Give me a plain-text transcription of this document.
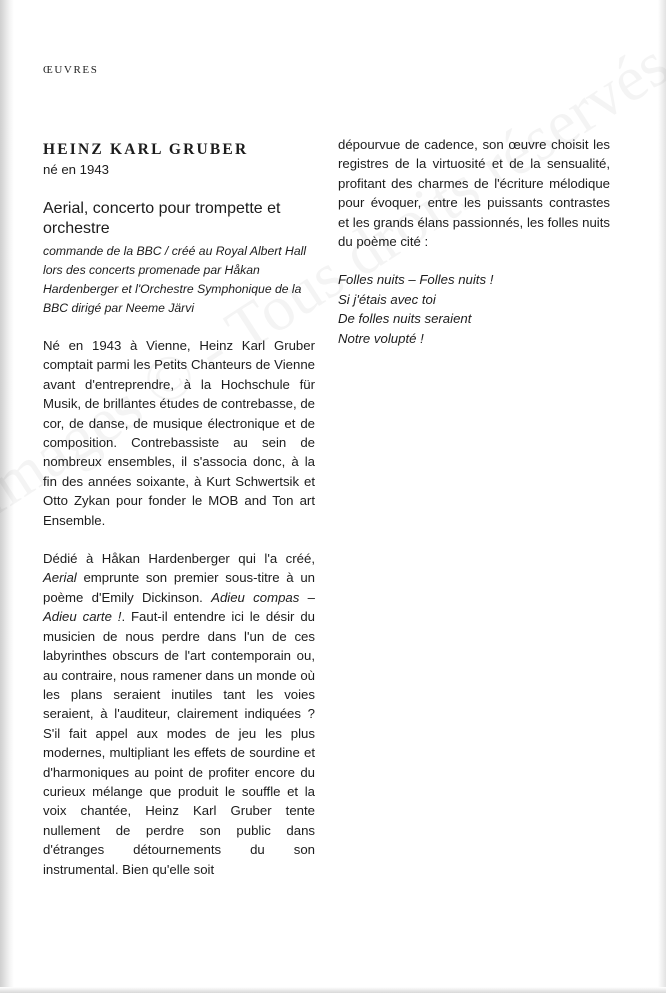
ŒUVRES
HEINZ KARL GRUBER

né en 1943

Aerial, concerto pour trompette et orchestre

commande de la BBC / créé au Royal Albert Hall lors des concerts promenade par Håkan Hardenberger et l'Orchestre Symphonique de la BBC dirigé par Neeme Järvi

Né en 1943 à Vienne, Heinz Karl Gruber comptait parmi les Petits Chanteurs de Vienne avant d'entreprendre, à la Hochschule für Musik, de brillantes études de contrebasse, de cor, de danse, de musique électronique et de composition. Contrebassiste au sein de nombreux ensembles, il s'associa donc, à la fin des années soixante, à Kurt Schwertsik et Otto Zykan pour fonder le MOB and Ton art Ensemble.

Dédié à Håkan Hardenberger qui l'a créé, Aerial emprunte son premier sous-titre à un poème d'Emily Dickinson. Adieu compas – Adieu carte !. Faut-il entendre ici le désir du musicien de nous perdre dans l'un de ces labyrinthes obscurs de l'art contemporain ou, au contraire, nous ramener dans un monde où les plans seraient inutiles tant les voies seraient, à l'auditeur, clairement indiquées ? S'il fait appel aux modes de jeu les plus modernes, multipliant les effets de sourdine et d'harmoniques au point de profiter encore du curieux mélange que produit le souffle et la voix chantée, Heinz Karl Gruber tente nullement de perdre son public dans d'étranges détournements du son instrumental. Bien qu'elle soit

dépourvue de cadence, son œuvre choisit les registres de la virtuosité et de la sensualité, profitant des charmes de l'écriture mélodique pour évoquer, entre les puissants contrastes et les grands élans passionnés, les folles nuits du poème cité :

Folles nuits – Folles nuits !
Si j'étais avec toi
De folles nuits seraient
Notre volupté !
